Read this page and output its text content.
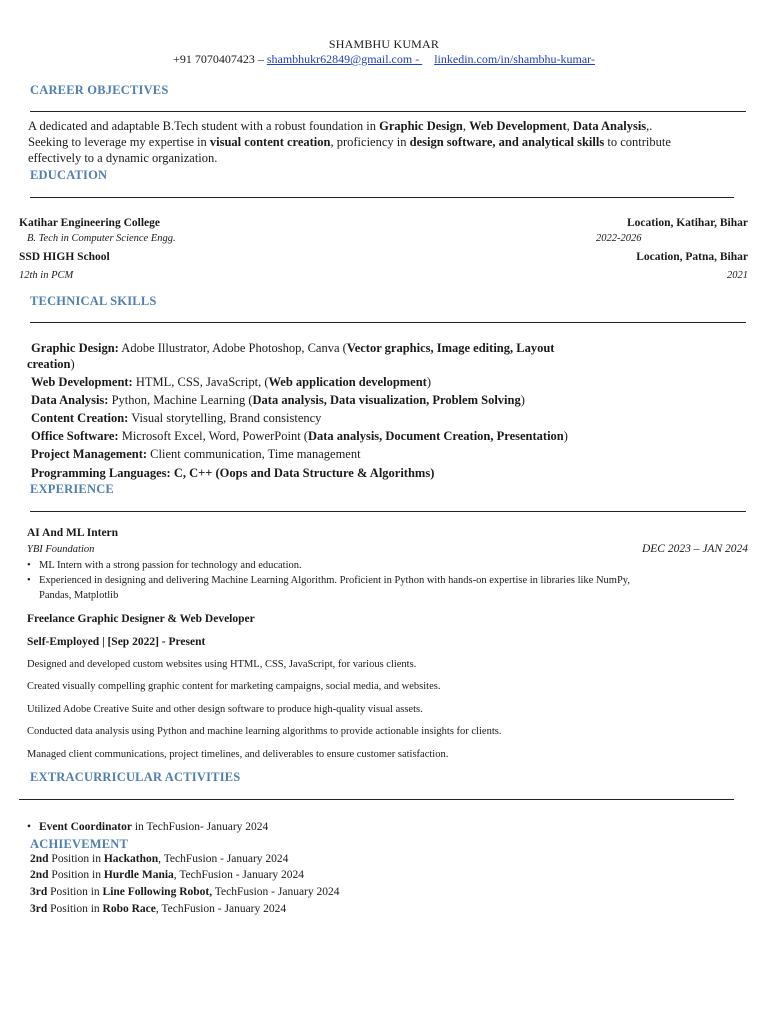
SHAMBHU KUMAR
+91 7070407423 – shambhukr62849@gmail.com - linkedin.com/in/shambhu-kumar-
CAREER OBJECTIVES
A dedicated and adaptable B.Tech student with a robust foundation in Graphic Design, Web Development, Data Analysis,.
Seeking to leverage my expertise in visual content creation, proficiency in design software, and analytical skills to contribute
effectively to a dynamic organization.
EDUCATION
Katihar Engineering College	Location, Katihar, Bihar
B. Tech in Computer Science Engg.	2022-2026
SSD HIGH School	Location, Patna, Bihar
12th in PCM	2021
TECHNICAL SKILLS
Graphic Design: Adobe Illustrator, Adobe Photoshop, Canva (Vector graphics, Image editing, Layout
creation)
Web Development: HTML, CSS, JavaScript, (Web application development)
Data Analysis: Python, Machine Learning (Data analysis, Data visualization, Problem Solving)
Content Creation: Visual storytelling, Brand consistency
Office Software: Microsoft Excel, Word, PowerPoint (Data analysis, Document Creation, Presentation)
Project Management: Client communication, Time management
Programming Languages: C, C++ (Oops and Data Structure & Algorithms)
EXPERIENCE
AI And ML Intern
YBI Foundation	DEC 2023 – JAN 2024
• ML Intern with a strong passion for technology and education.
• Experienced in designing and delivering Machine Learning Algorithm. Proficient in Python with hands-on expertise in libraries like NumPy,
Pandas, Matplotlib
Freelance Graphic Designer & Web Developer
Self-Employed | [Sep 2022] - Present
Designed and developed custom websites using HTML, CSS, JavaScript, for various clients.
Created visually compelling graphic content for marketing campaigns, social media, and websites.
Utilized Adobe Creative Suite and other design software to produce high-quality visual assets.
Conducted data analysis using Python and machine learning algorithms to provide actionable insights for clients.
Managed client communications, project timelines, and deliverables to ensure customer satisfaction.
EXTRACURRICULAR ACTIVITIES
• Event Coordinator in TechFusion- January 2024
ACHIEVEMENT
2nd Position in Hackathon, TechFusion - January 2024
2nd Position in Hurdle Mania, TechFusion - January 2024
3rd Position in Line Following Robot, TechFusion - January 2024
3rd Position in Robo Race, TechFusion - January 2024
